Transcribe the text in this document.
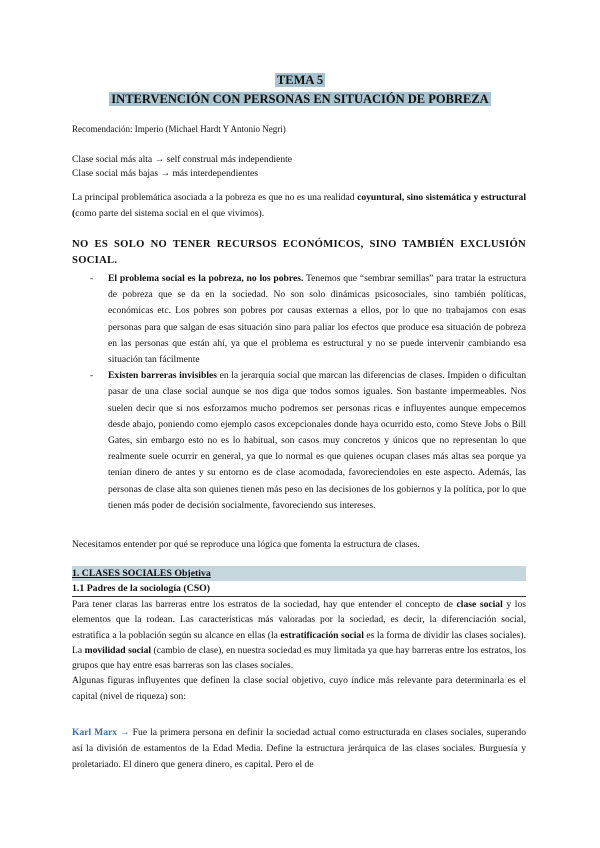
TEMA 5
INTERVENCIÓN CON PERSONAS EN SITUACIÓN DE POBREZA
Recomendación: Imperio (Michael Hardt Y Antonio Negri)
Clase social más alta → self construal más independiente
Clase social más bajas → más interdependientes
La principal problemática asociada a la pobreza es que no es una realidad coyuntural, sino sistemática y estructural (como parte del sistema social en el que vivimos).
NO ES SOLO NO TENER RECURSOS ECONÓMICOS, SINO TAMBIÉN EXCLUSIÓN SOCIAL.
- El problema social es la pobreza, no los pobres. Tenemos que “sembrar semillas” para tratar la estructura de pobreza que se da en la sociedad. No son solo dinámicas psicosociales, sino también políticas, económicas etc. Los pobres son pobres por causas externas a ellos, por lo que no trabajamos con esas personas para que salgan de esas situación sino para paliar los efectos que produce esa situación de pobreza en las personas que están ahí, ya que el problema es estructural y no se puede intervenir cambiando esa situación tan fácilmente
- Existen barreras invisibles en la jerarquía social que marcan las diferencias de clases. Impiden o dificultan pasar de una clase social aunque se nos diga que todos somos iguales. Son bastante impermeables. Nos suelen decir que si nos esforzamos mucho podremos ser personas ricas e influyentes aunque empecemos desde abajo, poniendo como ejemplo casos excepcionales donde haya ocurrido esto, como Steve Jobs o Bill Gates, sin embargo esto no es lo habitual, son casos muy concretos y únicos que no representan lo que realmente suele ocurrir en general, ya que lo normal es que quienes ocupan clases más altas sea porque ya tenían dinero de antes y su entorno es de clase acomodada, favoreciendoles en este aspecto. Además, las personas de clase alta son quienes tienen más peso en las decisiones de los gobiernos y la política, por lo que tienen más poder de decisión socialmente, favoreciendo sus intereses.
Necesitamos entender por qué se reproduce una lógica que fomenta la estructura de clases.
1. CLASES SOCIALES Objetiva
1.1 Padres de la sociología (CSO)
Para tener claras las barreras entre los estratos de la sociedad, hay que entender el concepto de clase social y los elementos que la rodean. Las características más valoradas por la sociedad, es decir, la diferenciación social, estratifica a la población según su alcance en ellas (la estratificación social es la forma de dividir las clases sociales). La movilidad social (cambio de clase), en nuestra sociedad es muy limitada ya que hay barreras entre los estratos, los grupos que hay entre esas barreras son las clases sociales.
Algunas figuras influyentes que definen la clase social objetivo, cuyo índice más relevante para determinarla es el capital (nivel de riqueza) son:
Karl Marx → Fue la primera persona en definir la sociedad actual como estructurada en clases sociales, superando así la división de estamentos de la Edad Media. Define la estructura jerárquica de las clases sociales. Burguesía y proletariado. El dinero que genera dinero, es capital. Pero el de
